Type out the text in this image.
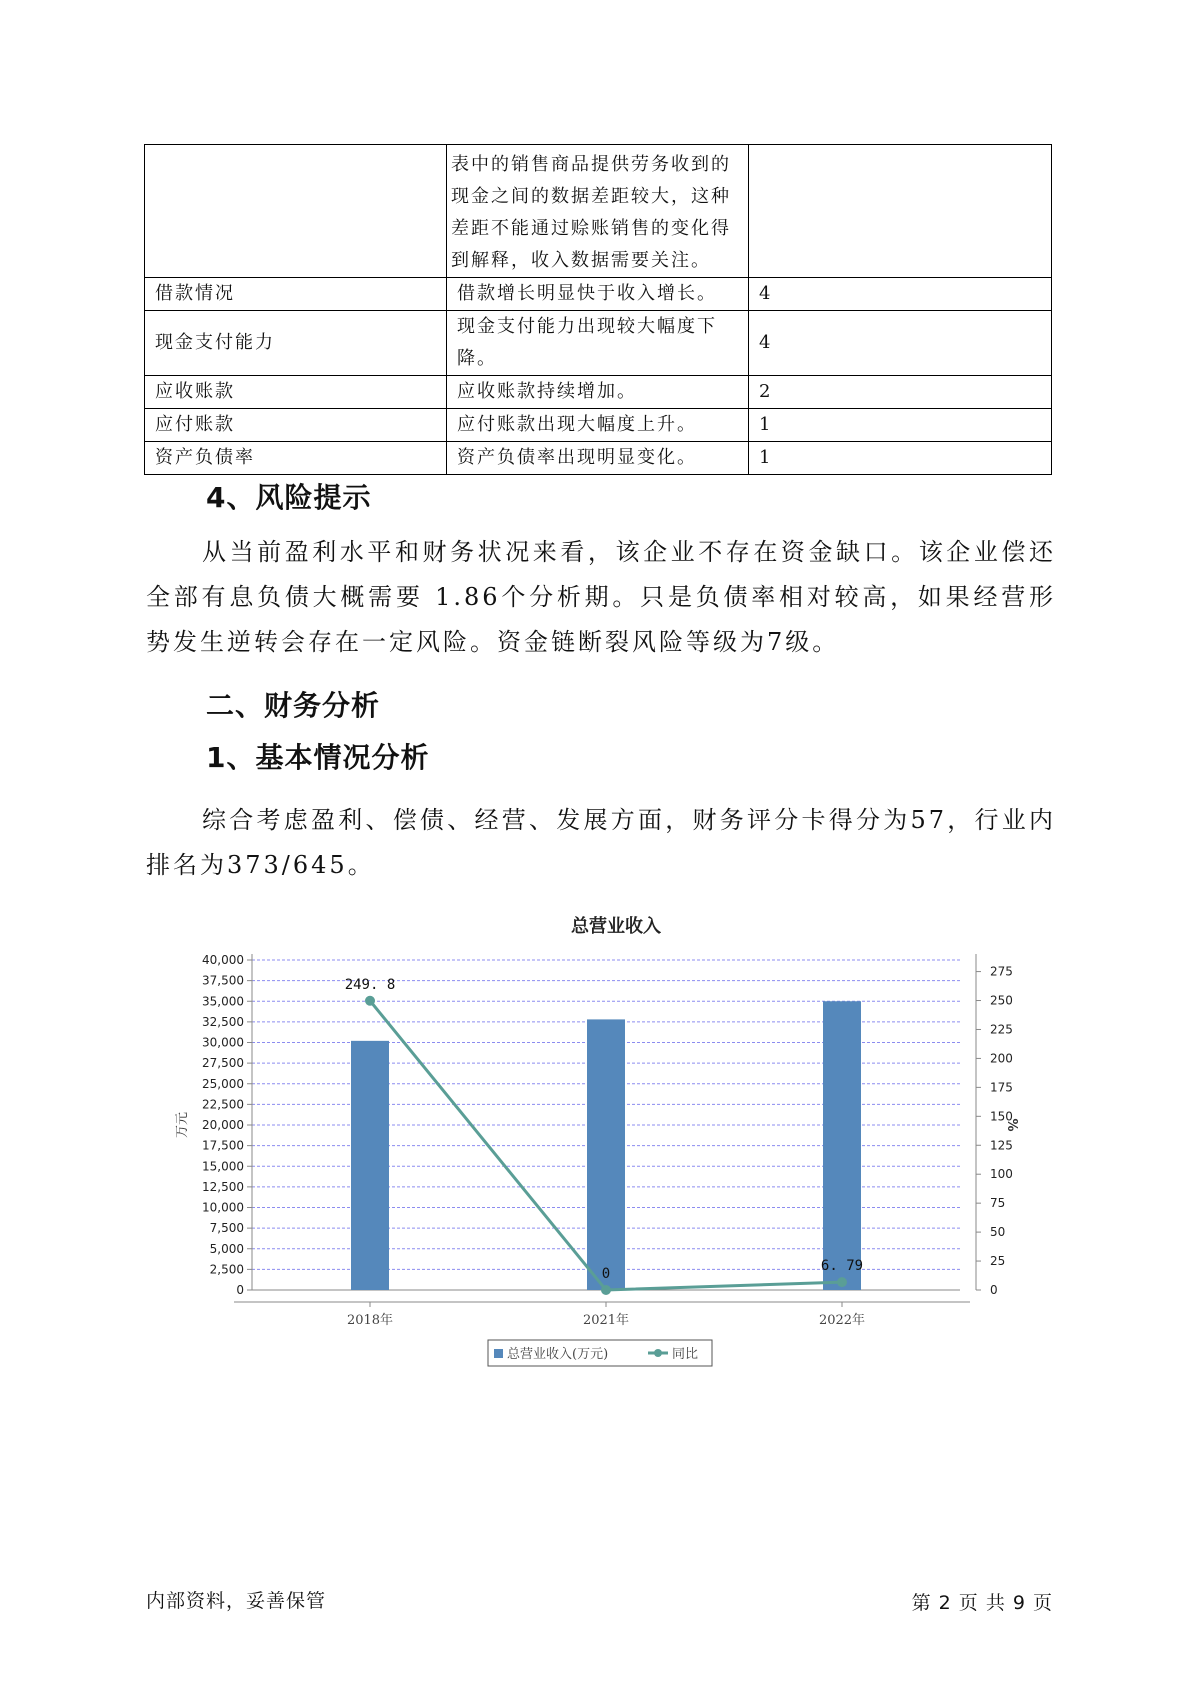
	表中的销售商品提供劳务收到的现金之间的数据差距较大，这种差距不能通过赊账销售的变化得到解释，收入数据需要关注。	
借款情况	借款增长明显快于收入增长。	4
现金支付能力	现金支付能力出现较大幅度下降。	4
应收账款	应收账款持续增加。	2
应付账款	应付账款出现大幅度上升。	1
资产负债率	资产负债率出现明显变化。	1
4、风险提示

从当前盈利水平和财务状况来看，该企业不存在资金缺口。该企业偿还全部有息负债大概需要 1.86个分析期。只是负债率相对较高，如果经营形势发生逆转会存在一定风险。资金链断裂风险等级为7级。

二、财务分析
1、基本情况分析

综合考虑盈利、偿债、经营、发展方面，财务评分卡得分为57，行业内排名为373/645。

总营业收入
0
2,500
5,000
7,500
10,000
12,500
15,000
17,500
20,000
22,500
25,000
27,500
30,000
32,500
35,000
37,500
40,000
0
25
50
75
100
125
150
175
200
225
250
275
万元	%
2018年	2021年	2022年
249. 8
0	6. 79
总营业收入(万元)	同比
内部资料，妥善保管	第 2 页 共 9 页
